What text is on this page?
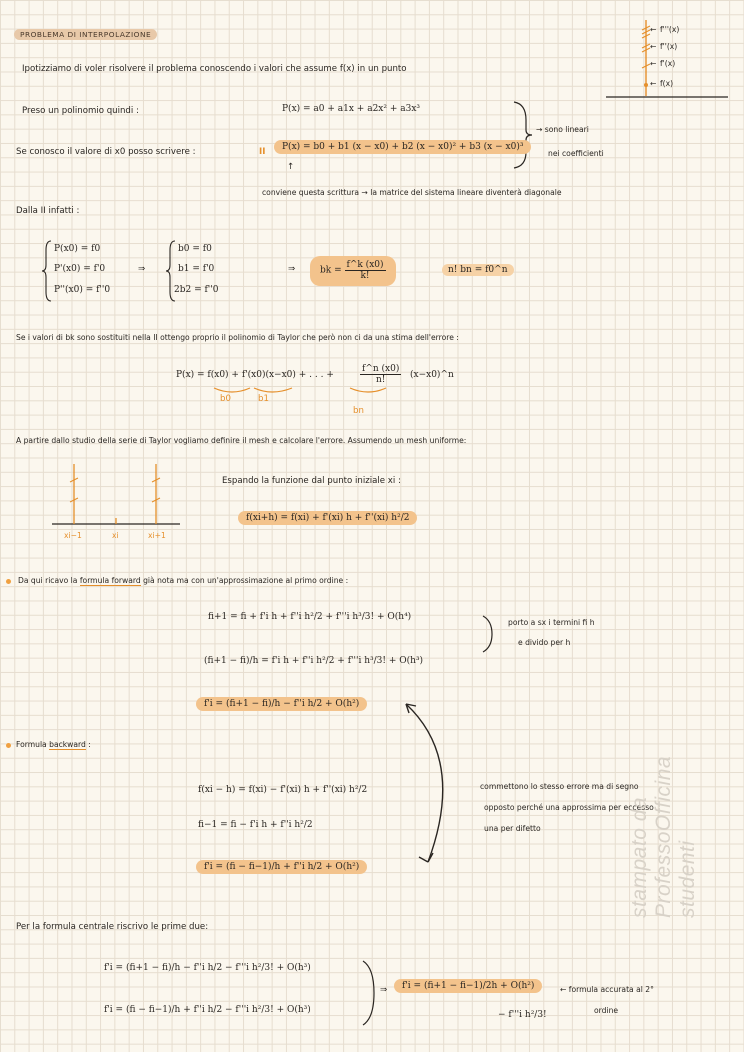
PROBLEMA DI INTERPOLAZIONE
f'''(x)
f''(x)
f'(x)
f(x)
←
←
←
←
Ipotizziamo di voler risolvere il problema conoscendo i valori che assume f(x) in un punto
Preso un polinomio quindi :	P(x) = a0 + a1x + a2x² + a3x³
→ sono lineari
nei coefficienti
Se conosco il valore di x0 posso scrivere :	II	P(x) = b0 + b1 (x − x0) + b2 (x − x0)² + b3 (x − x0)³
↑
conviene questa scrittura → la matrice del sistema lineare diventerà diagonale
Dalla II infatti :
P(x0) = f0
P'(x0) = f'0
P''(x0) = f''0
⇒
b0 = f0
b1 = f'0
2b2 = f''0
⇒	bk = $\frac{f\^{}k (x0)}{k!}$	n! bn = f0^n
Se i valori di bk sono sostituiti nella II ottengo proprio il polinomio di Taylor che però non ci da una stima dell'errore :
P(x) = f(x0) + f'(x0)(x−x0) + . . . +	$\frac{f\^{}n (x0)}{n!}$ (x−x0)^n
b0	b1
bn
A partire dallo studio della serie di Taylor vogliamo definire il mesh e calcolare l'errore. Assumendo un mesh uniforme:
xi−1	xi	xi+1
Espando la funzione dal punto iniziale xi :
f(xi+h) = f(xi) + f'(xi) h + f''(xi) h²/2
Da qui ricavo la formula forward già nota ma con un'approssimazione al primo ordine :
fi+1 = fi + f'i h + f''i h²/2 + f'''i h³/3! + O(h⁴)
porto a sx i termini fi h
e divido per h
(fi+1 − fi)/h = f'i h + f''i h²/2 + f'''i h³/3! + O(h³)
f'i = (fi+1 − fi)/h − f''i h/2 + O(h²)
Formula backward :
f(xi − h) = f(xi) − f'(xi) h + f''(xi) h²/2
fi−1 = fi − f'i h + f''i h²/2
f'i = (fi − fi−1)/h + f''i h/2 + O(h²)
commettono lo stesso errore ma di segno
opposto perché una approssima per eccesso
una per difetto
Per la formula centrale riscrivo le prime due:
f'i = (fi+1 − fi)/h − f''i h/2 − f'''i h²/3! + O(h³)
f'i = (fi − fi−1)/h + f''i h/2 − f'''i h²/3! + O(h³)
⇒	f'i = (fi+1 − fi−1)/2h + O(h²)
− f'''i h²/3!
← formula accurata al 2°
ordine
stampato da ProfessoOfficina studenti
